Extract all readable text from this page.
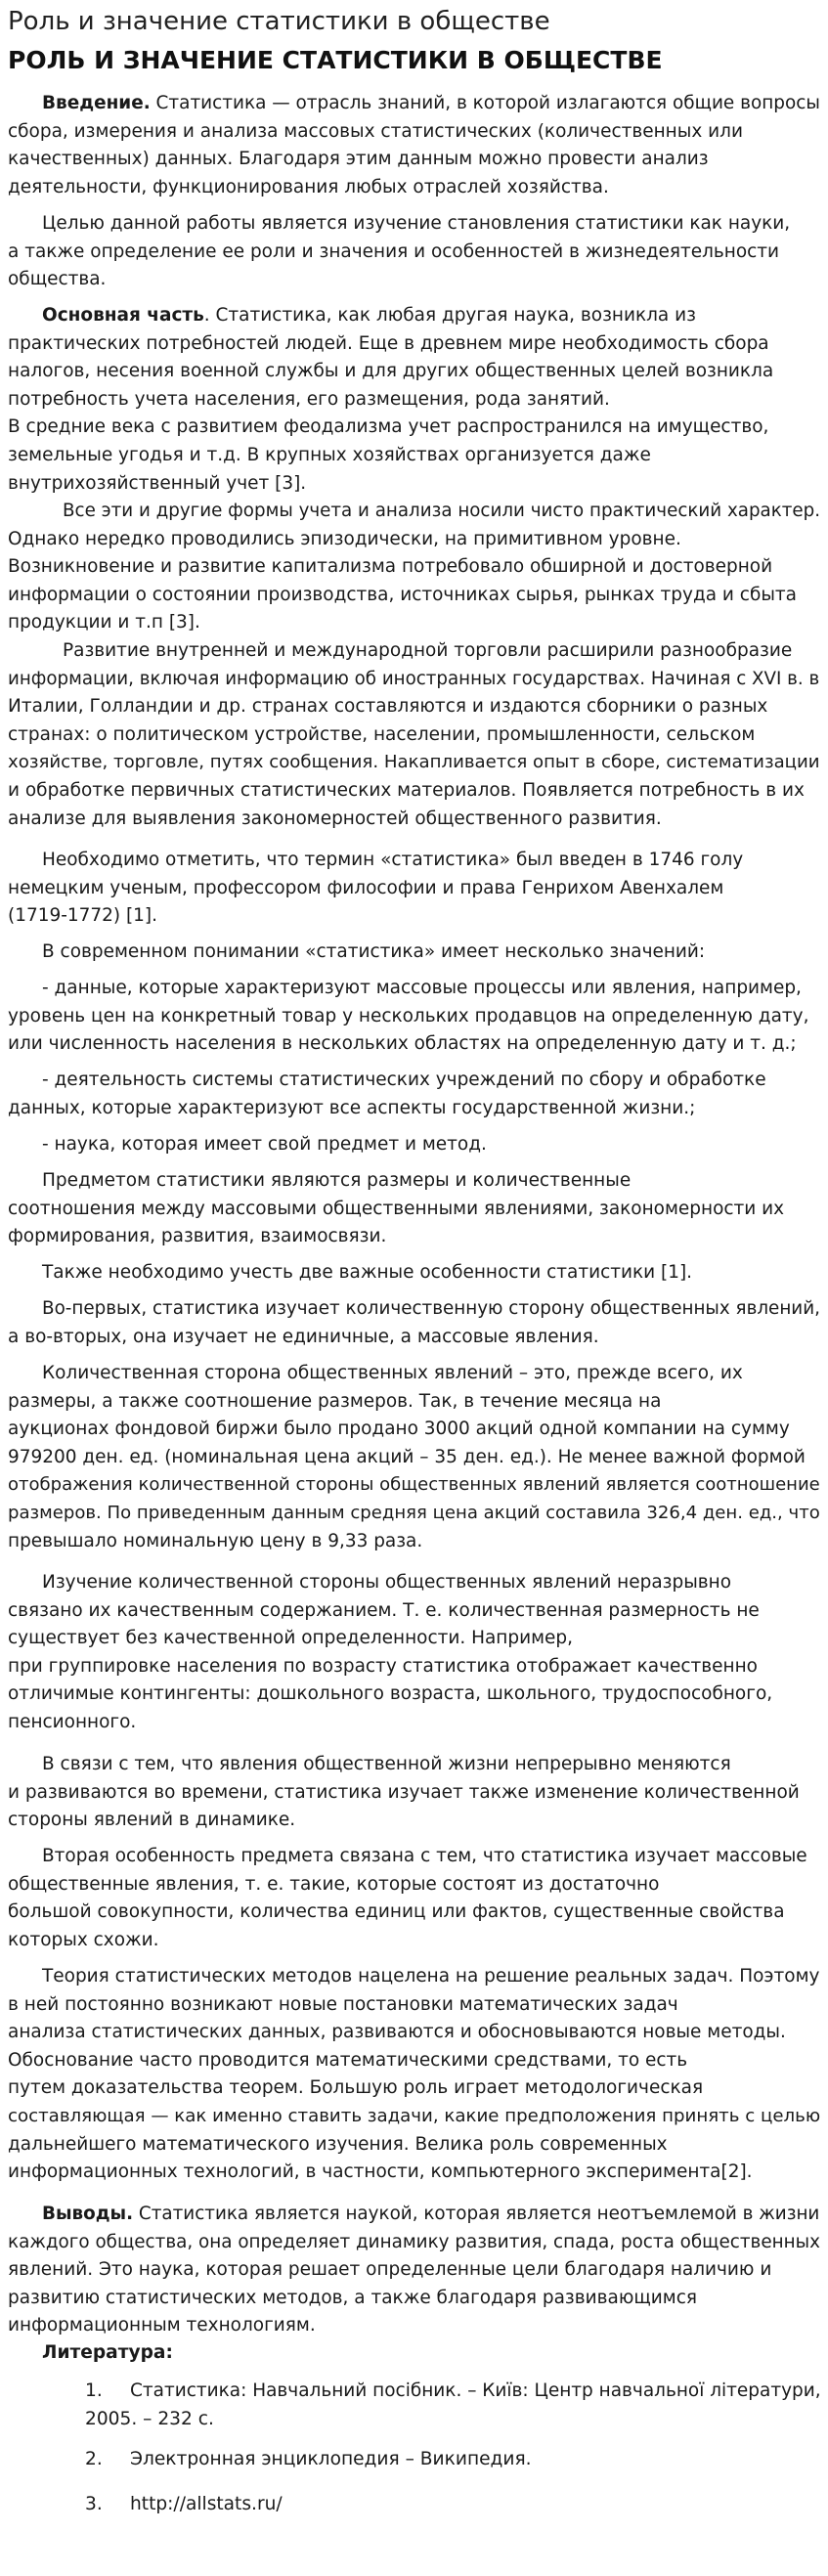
Роль и значение статистики в обществе
РОЛЬ И ЗНАЧЕНИЕ СТАТИСТИКИ В ОБЩЕСТВЕ
Введение. Статистика — отрасль знаний, в которой излагаются общие вопросы
сбора, измерения и анализа массовых статистических (количественных или
качественных) данных. Благодаря этим данным можно провести анализ
деятельности, функционирования любых отраслей хозяйства.
Целью данной работы является изучение становления статистики как науки,
а также определение ее роли и значения и особенностей в жизнедеятельности
общества.
Основная часть. Статистика, как любая другая наука, возникла из
практических потребностей людей. Еще в древнем мире необходимость сбора
налогов, несения военной службы и для других общественных целей возникла
потребность учета населения, его размещения, рода занятий.
В средние века с развитием феодализма учет распространился на имущество,
земельные угодья и т.д. В крупных хозяйствах организуется даже
внутрихозяйственный учет [3].
Все эти и другие формы учета и анализа носили чисто практический характер.
Однако нередко проводились эпизодически, на примитивном уровне.
Возникновение и развитие капитализма потребовало обширной и достоверной
информации о состоянии производства, источниках сырья, рынках труда и сбыта
продукции и т.п [3].
Развитие внутренней и международной торговли расширили разнообразие
информации, включая информацию об иностранных государствах. Начиная с XVI в. в
Италии, Голландии и др. странах составляются и издаются сборники о разных
странах: о политическом устройстве, населении, промышленности, сельском
хозяйстве, торговле, путях сообщения. Накапливается опыт в сборе, систематизации
и обработке первичных статистических материалов. Появляется потребность в их
анализе для выявления закономерностей общественного развития.
Необходимо отметить, что термин «статистика» был введен в 1746 голу
немецким ученым, профессором философии и права Генрихом Авенхалем
(1719-1772) [1].
В современном понимании «статистика» имеет несколько значений:
- данные, которые характеризуют массовые процессы или явления, например,
уровень цен на конкретный товар у нескольких продавцов на определенную дату,
или численность населения в нескольких областях на определенную дату и т. д.;
- деятельность системы статистических учреждений по сбору и обработке
данных, которые характеризуют все аспекты государственной жизни.;
- наука, которая имеет свой предмет и метод.
Предметом статистики являются размеры и количественные
соотношения между массовыми общественными явлениями, закономерности их
формирования, развития, взаимосвязи.
Также необходимо учесть две важные особенности статистики [1].
Во-первых, статистика изучает количественную сторону общественных явлений,
а во-вторых, она изучает не единичные, а массовые явления.
Количественная сторона общественных явлений – это, прежде всего, их
размеры, а также соотношение размеров. Так, в течение месяца на
аукционах фондовой биржи было продано 3000 акций одной компании на сумму
979200 ден. ед. (номинальная цена акций – 35 ден. ед.). Не менее важной формой
отображения количественной стороны общественных явлений является соотношение
размеров. По приведенным данным средняя цена акций составила 326,4 ден. ед., что
превышало номинальную цену в 9,33 раза.
Изучение количественной стороны общественных явлений неразрывно
связано их качественным содержанием. Т. е. количественная размерность не
существует без качественной определенности. Например,
при группировке населения по возрасту статистика отображает качественно
отличимые контингенты: дошкольного возраста, школьного, трудоспособного,
пенсионного.
В связи с тем, что явления общественной жизни непрерывно меняются
и развиваются во времени, статистика изучает также изменение количественной
стороны явлений в динамике.
Вторая особенность предмета связана с тем, что статистика изучает массовые
общественные явления, т. е. такие, которые состоят из достаточно
большой совокупности, количества единиц или фактов, существенные свойства
которых схожи.
Теория статистических методов нацелена на решение реальных задач. Поэтому
в ней постоянно возникают новые постановки математических задач
анализа статистических данных, развиваются и обосновываются новые методы.
Обоснование часто проводится математическими средствами, то есть
путем доказательства теорем. Большую роль играет методологическая
составляющая — как именно ставить задачи, какие предположения принять с целью
дальнейшего математического изучения. Велика роль современных
информационных технологий, в частности, компьютерного эксперимента[2].
Выводы. Статистика является наукой, которая является неотъемлемой в жизни
каждого общества, она определяет динамику развития, спада, роста общественных
явлений. Это наука, которая решает определенные цели благодаря наличию и
развитию статистических методов, а также благодаря развивающимся
информационным технологиям.
Литература:
1. Статистика: Навчальний посібник. – Київ: Центр навчальної літератури,
2005. – 232 с.
2. Электронная энциклопедия – Википедия.
3. http://allstats.ru/
